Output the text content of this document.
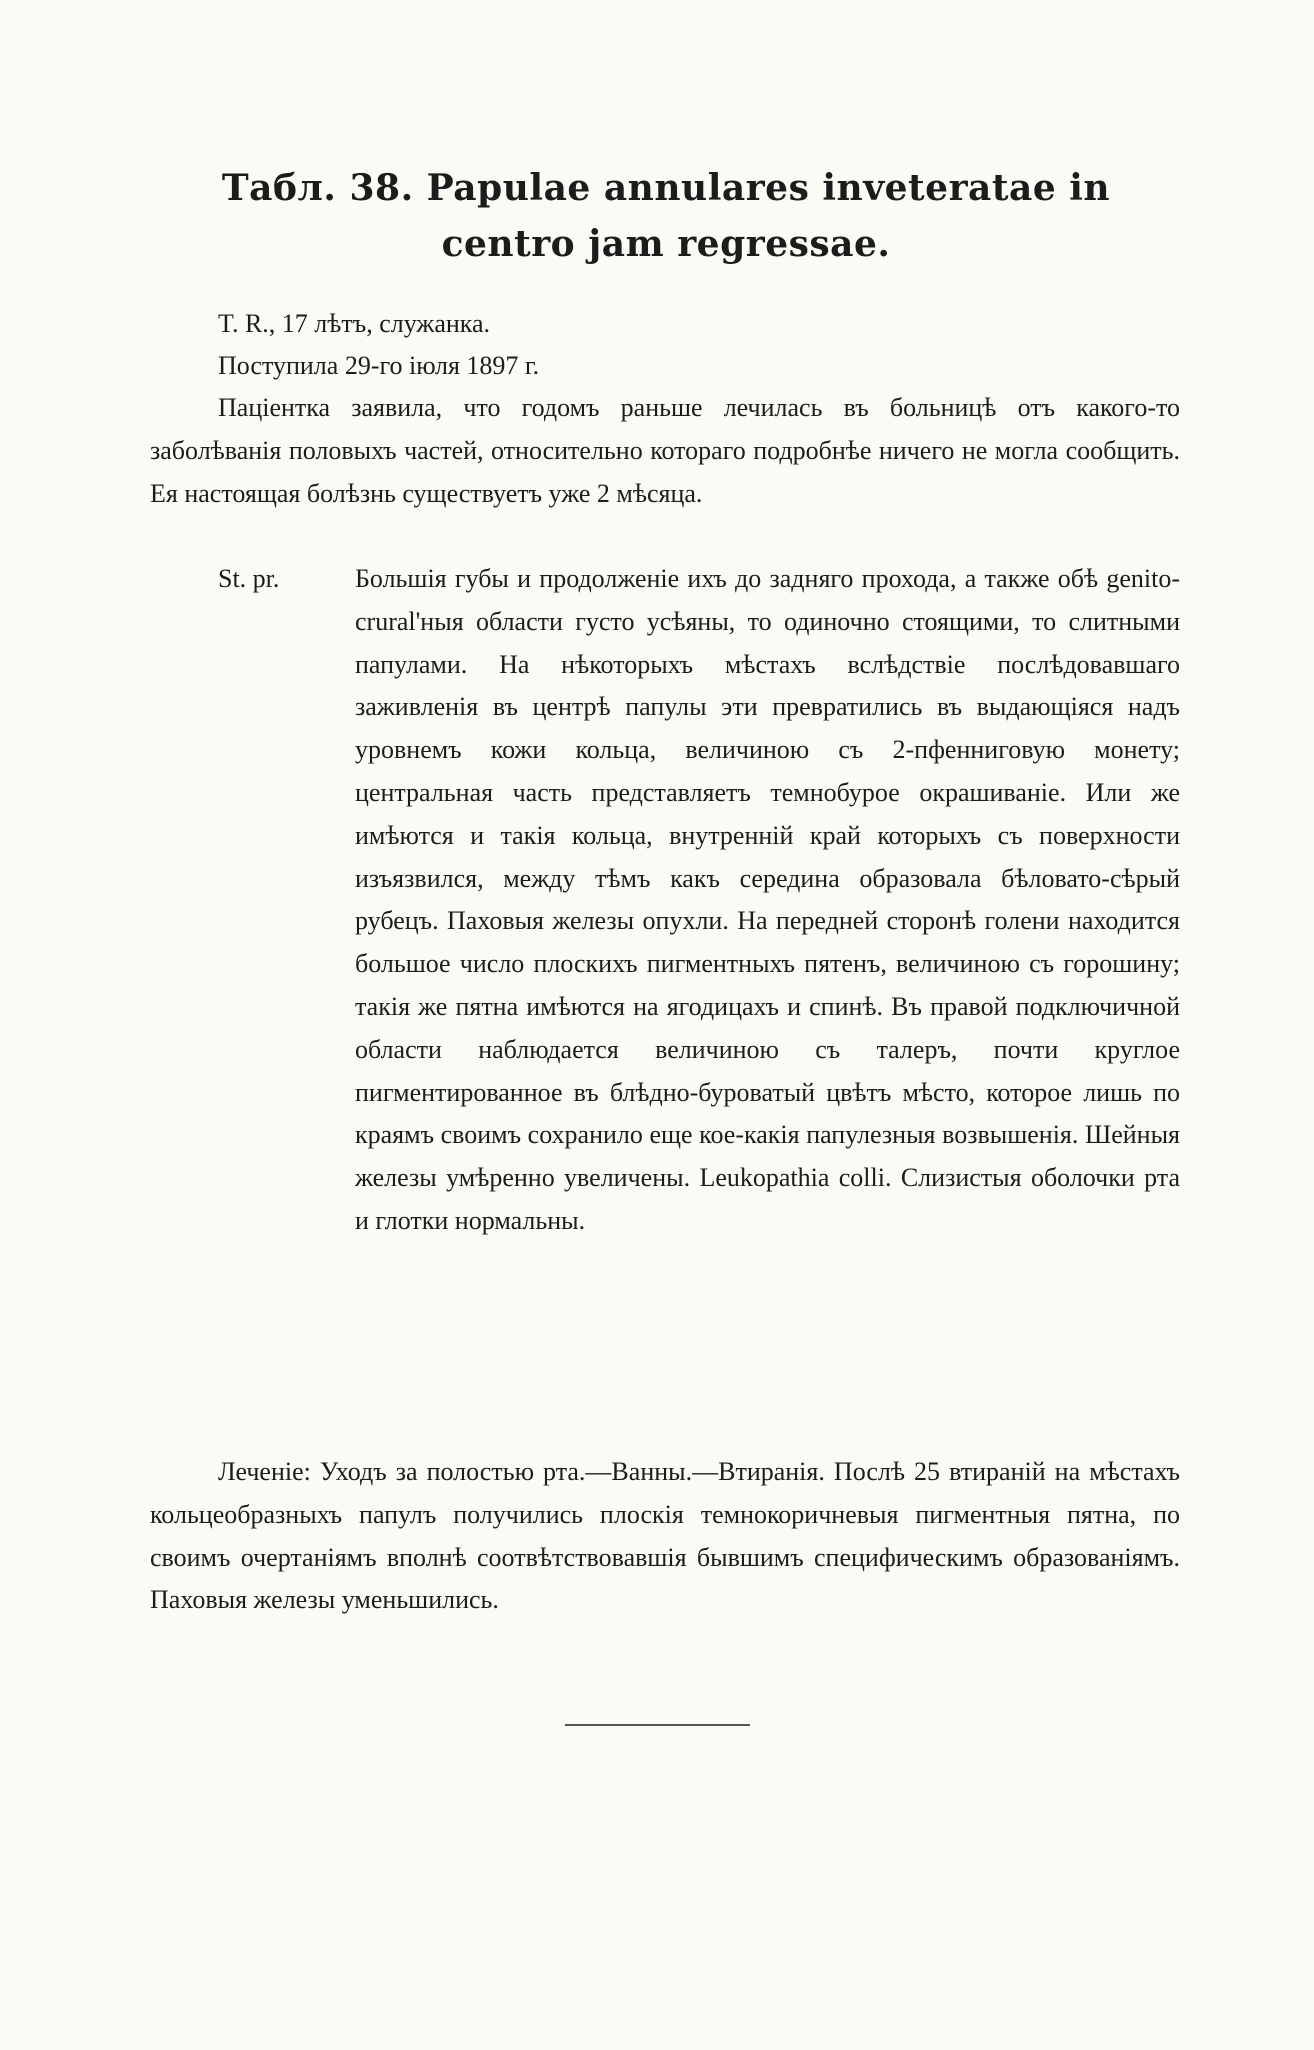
Табл. 38. Papulae annulares inveteratae in centro jam regressae.
T. R., 17 лѣтъ, служанка.
Поступила 29-го іюля 1897 г.
Паціентка заявила, что годомъ раньше лечилась въ больницѣ отъ какого-то заболѣванія половыхъ частей, относительно котораго подробнѣе ничего не могла сообщить. Ея настоящая болѣзнь существуетъ уже 2 мѣсяца.
St. pr.	Большія губы и продолженіе ихъ до задняго прохода, а также обѣ genito-crural'ныя области густо усѣяны, то одиночно стоящими, то слитными папулами. На нѣкоторыхъ мѣстахъ вслѣдствіе послѣдовавшаго заживленія въ центрѣ папулы эти превратились въ выдающіяся надъ уровнемъ кожи кольца, величиною съ 2-пфенниговую монету; центральная часть представляетъ темнобурое окрашиваніе. Или же имѣются и такія кольца, внутренній край которыхъ съ поверхности изъязвился, между тѣмъ какъ середина образовала бѣловато-сѣрый рубецъ. Паховыя железы опухли. На передней сторонѣ голени находится большое число плоскихъ пигментныхъ пятенъ, величиною съ горошину; такія же пятна имѣются на ягодицахъ и спинѣ. Въ правой подключичной области наблюдается величиною съ талеръ, почти круглое пигментированное въ блѣдно-буроватый цвѣтъ мѣсто, которое лишь по краямъ своимъ сохранило еще кое-какія папулезныя возвышенія. Шейныя железы умѣренно увеличены. Leukopathia colli. Слизистыя оболочки рта и глотки нормальны.
Леченіе: Уходъ за полостью рта.—Ванны.—Втиранія. Послѣ 25 втираній на мѣстахъ кольцеобразныхъ папулъ получились плоскія темнокоричневыя пигментныя пятна, по своимъ очертаніямъ вполнѣ соотвѣтствовавшія бывшимъ специфическимъ образованіямъ. Паховыя железы уменьшились.
